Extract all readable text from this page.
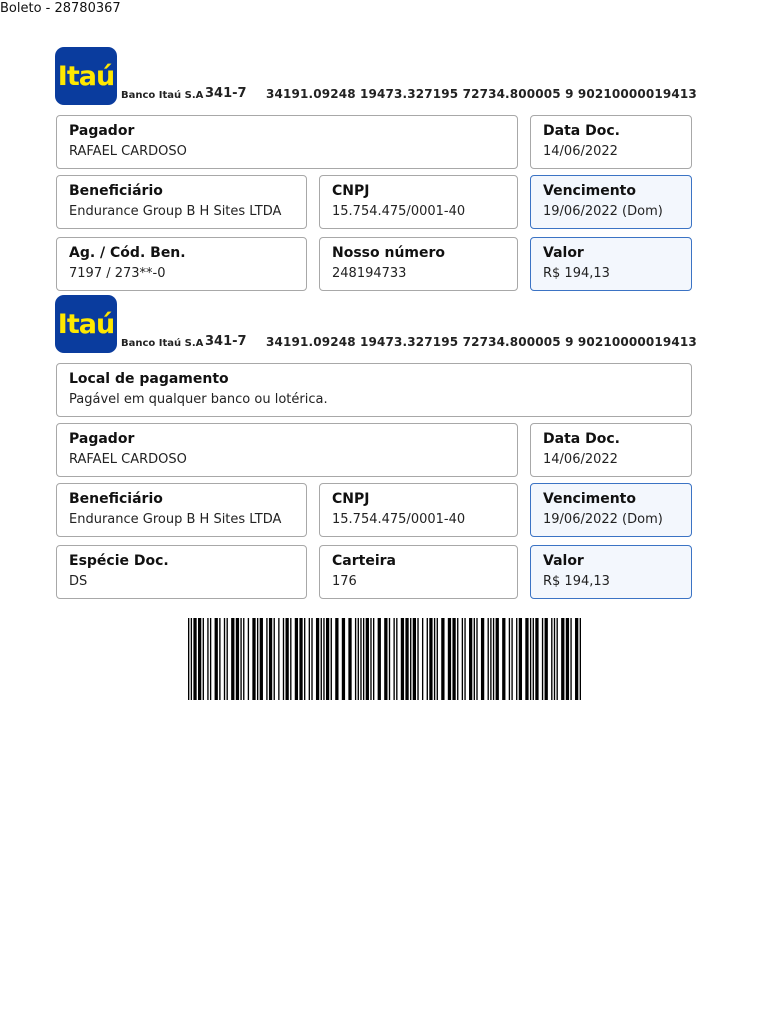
Boleto - 28780367
Itaú
Banco Itaú S.A 341-7 34191.09248 19473.327195 72734.800005 9 90210000019413
Pagador
RAFAEL CARDOSO
Data Doc.
14/06/2022
Beneficiário
Endurance Group B H Sites LTDA
CNPJ
15.754.475/0001-40
Vencimento
19/06/2022 (Dom)
Ag. / Cód. Ben.
7197 / 273**-0
Nosso número
248194733
Valor
R$ 194,13
Itaú
Banco Itaú S.A 341-7 34191.09248 19473.327195 72734.800005 9 90210000019413
Local de pagamento
Pagável em qualquer banco ou lotérica.
Pagador
RAFAEL CARDOSO
Data Doc.
14/06/2022
Beneficiário
Endurance Group B H Sites LTDA
CNPJ
15.754.475/0001-40
Vencimento
19/06/2022 (Dom)
Espécie Doc.
DS
Carteira
176
Valor
R$ 194,13
